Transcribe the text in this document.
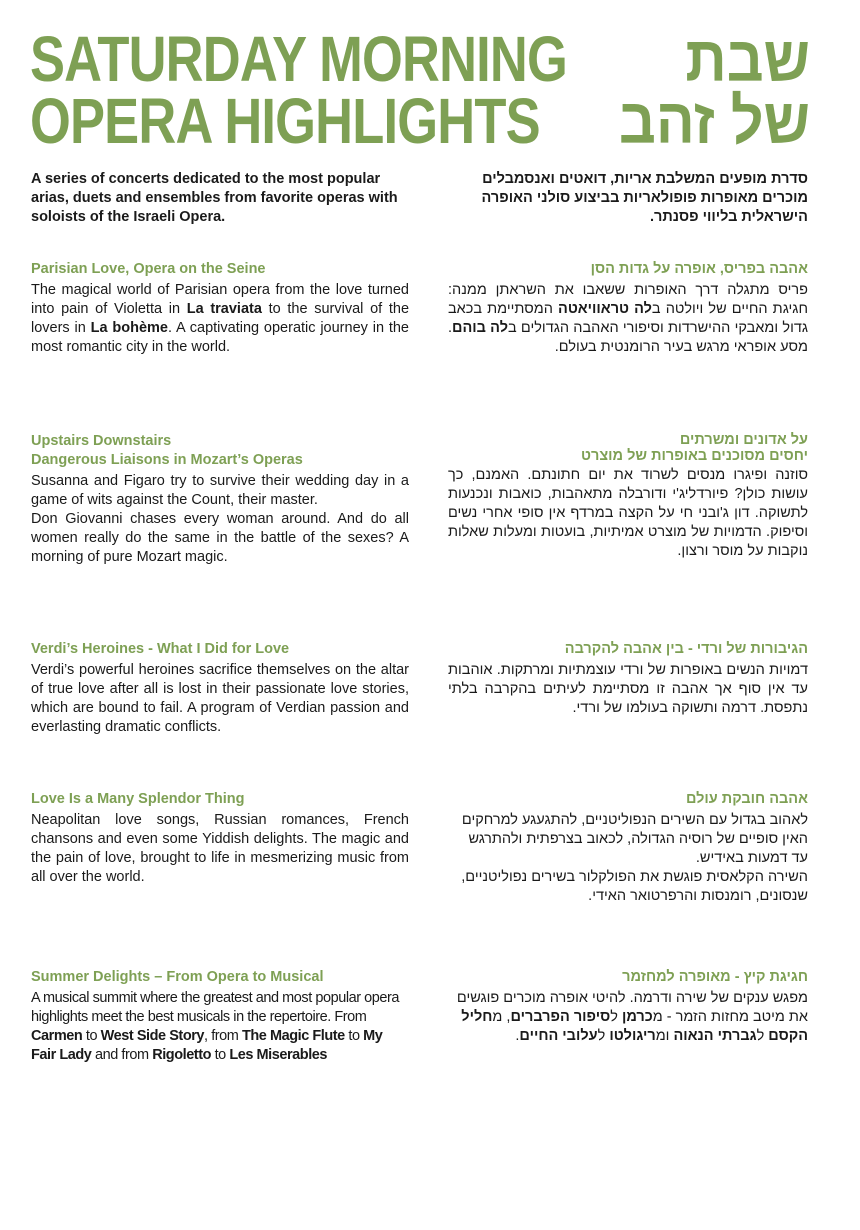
SATURDAY MORNING
OPERA HIGHLIGHTS
שבת
של זהב
A series of concerts dedicated to the most popular arias, duets and ensembles from favorite operas with soloists of the Israeli Opera.
סדרת מופעים המשלבת אריות, דואטים ואנסמבלים מוכרים מאופרות פופולאריות בביצוע סולני האופרה הישראלית בליווי פסנתר.
25.11.17
Parisian Love, Opera on the Seine
The magical world of Parisian opera from the love turned into pain of Violetta in La traviata to the survival of the lovers in La bohème. A captivating operatic journey in the most romantic city in the world.
אהבה בפריס, אופרה על גדות הסן
פריס מתגלה דרך האופרות ששאבו את השראתן ממנה: חגיגת החיים של ויולטה בלה טראוויאטה המסתיימת בכאב גדול ומאבקי ההישרדות וסיפורי האהבה הגדולים בלה בוהם. מסע אופראי מרגש בעיר הרומנטית בעולם.
6.1.18
Upstairs Downstairs
Dangerous Liaisons in Mozart’s Operas
Susanna and Figaro try to survive their wedding day in a game of wits against the Count, their master.
Don Giovanni chases every woman around. And do all women really do the same in the battle of the sexes? A morning of pure Mozart magic.
על אדונים ומשרתים
יחסים מסוכנים באופרות של מוצרט
סוזנה ופיגרו מנסים לשרוד את יום חתונתם. האמנם, כך עושות כולן? פיורדליג'י ודורבלה מתאהבות, כואבות ונכנעות לתשוקה. דון ג'ובני חי על הקצה במרדף אין סופי אחרי נשים וסיפוק. הדמויות של מוצרט אמיתיות, בועטות ומעלות שאלות נוקבות על מוסר ורצון.
17.3.18
Verdi’s Heroines - What I Did for Love
Verdi’s powerful heroines sacrifice themselves on the altar of true love after all is lost in their passionate love stories, which are bound to fail. A program of Verdian passion and everlasting dramatic conflicts.
הגיבורות של ורדי - בין אהבה להקרבה
דמויות הנשים באופרות של ורדי עוצמתיות ומרתקות. אוהבות עד אין סוף אך אהבה זו מסתיימת לעיתים בהקרבה בלתי נתפסת. דרמה ותשוקה בעולמו של ורדי.
12.5.18
Love Is a Many Splendor Thing
Neapolitan love songs, Russian romances, French chansons and even some Yiddish delights. The magic and the pain of love, brought to life in mesmerizing music from all over the world.
אהבה חובקת עולם
לאהוב בגדול עם השירים הנפוליטניים, להתגעגע למרחקים האין סופיים של רוסיה הגדולה, לכאוב בצרפתית ולהתרגש עד דמעות באידיש.
השירה הקלאסית פוגשת את הפולקלור בשירים נפוליטניים, שנסונים, רומנסות והרפרטואר האידי.
14.7.18
Summer Delights – From Opera to Musical
A musical summit where the greatest and most popular opera highlights meet the best musicals in the repertoire. From Carmen to West Side Story, from The Magic Flute to My Fair Lady and from Rigoletto to Les Miserables
חגיגת קיץ - מאופרה למחזמר
מפגש ענקים של שירה ודרמה. להיטי אופרה מוכרים פוגשים את מיטב מחזות הזמר - מכרמן לסיפור הפרברים, מחליל הקסם לגברתי הנאוה ומריגולטו לעלובי החיים.
42
